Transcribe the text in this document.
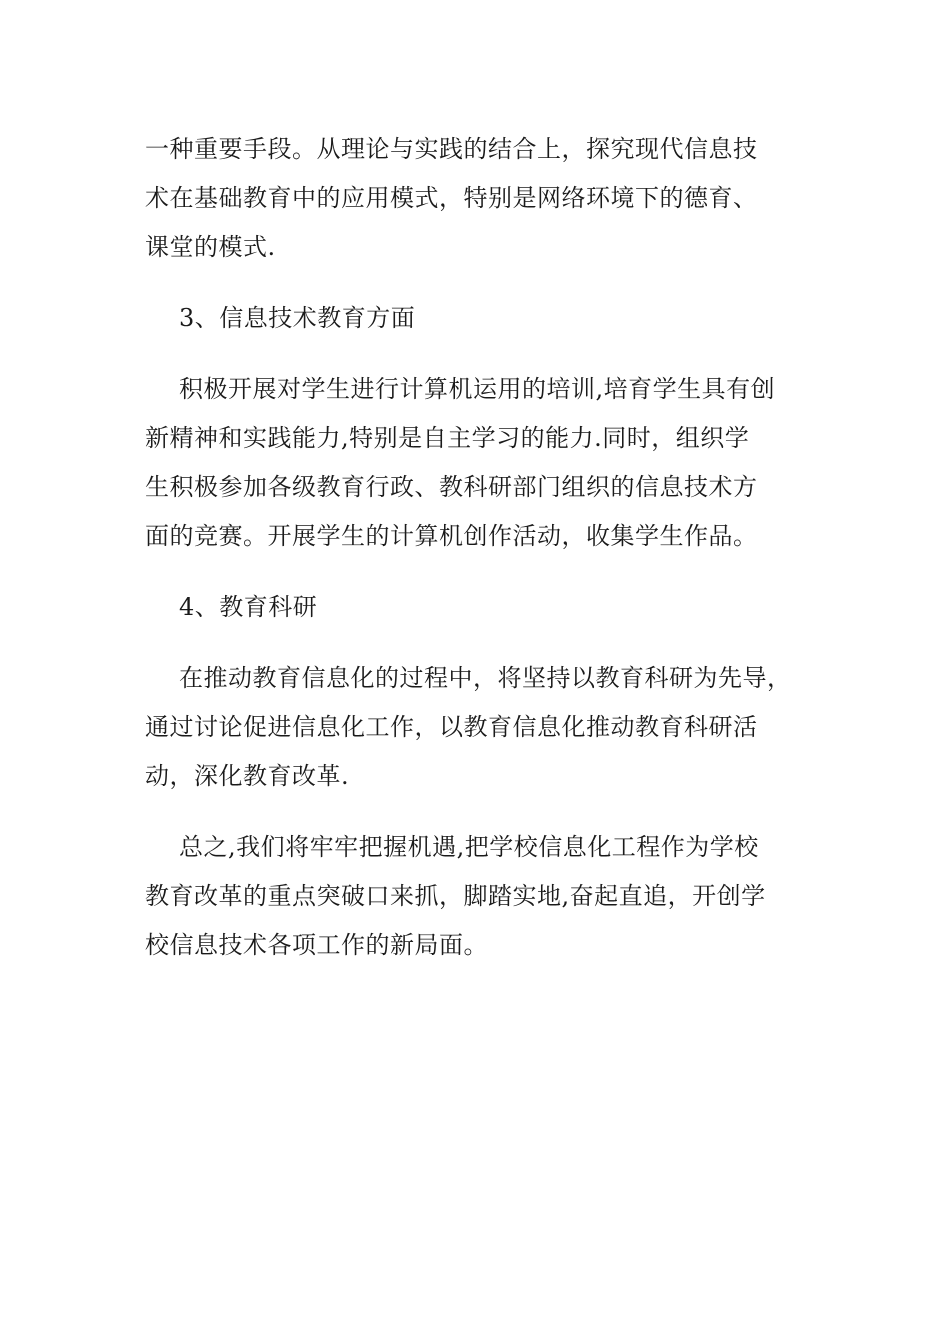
一种重要手段。从理论与实践的结合上，探究现代信息技
术在基础教育中的应用模式，特别是网络环境下的德育、
课堂的模式.

3、信息技术教育方面

积极开展对学生进行计算机运用的培训,培育学生具有创
新精神和实践能力,特别是自主学习的能力.同时，组织学
生积极参加各级教育行政、教科研部门组织的信息技术方
面的竞赛。开展学生的计算机创作活动，收集学生作品。

4、教育科研

在推动教育信息化的过程中，将坚持以教育科研为先导，
通过讨论促进信息化工作，以教育信息化推动教育科研活
动，深化教育改革.

总之,我们将牢牢把握机遇,把学校信息化工程作为学校
教育改革的重点突破口来抓，脚踏实地,奋起直追，开创学
校信息技术各项工作的新局面。
